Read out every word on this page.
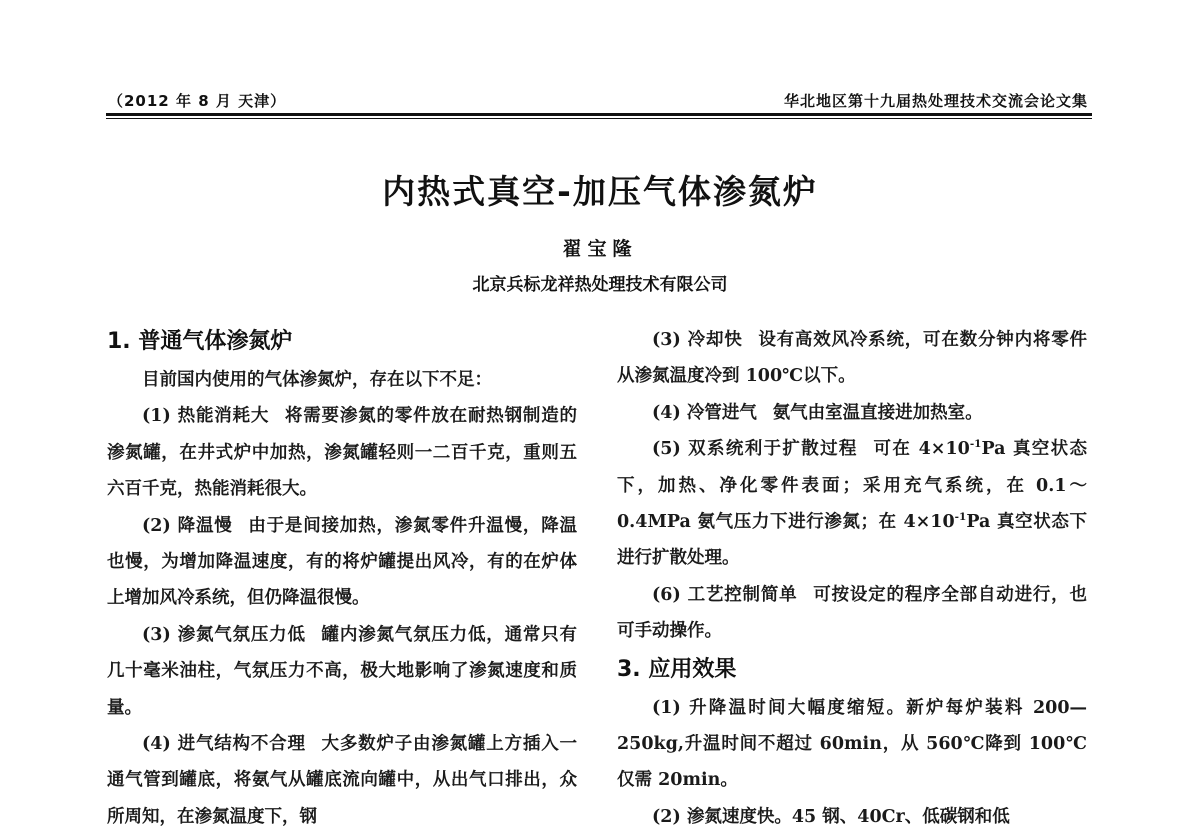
（2012 年 8 月 天津）	华北地区第十九届热处理技术交流会论文集
内热式真空-加压气体渗氮炉
翟宝隆
北京兵标龙祥热处理技术有限公司
1. 普通气体渗氮炉

目前国内使用的气体渗氮炉，存在以下不足：

(1) 热能消耗大 将需要渗氮的零件放在耐热钢制造的渗氮罐，在井式炉中加热，渗氮罐轻则一二百千克，重则五六百千克，热能消耗很大。

(2) 降温慢 由于是间接加热，渗氮零件升温慢，降温也慢，为增加降温速度，有的将炉罐提出风冷，有的在炉体上增加风冷系统，但仍降温很慢。

(3) 渗氮气氛压力低 罐内渗氮气氛压力低，通常只有几十毫米油柱，气氛压力不高，极大地影响了渗氮速度和质量。

(4) 进气结构不合理 大多数炉子由渗氮罐上方插入一通气管到罐底，将氨气从罐底流向罐中，从出气口排出，众所周知，在渗氮温度下，钢

(3) 冷却快 设有高效风冷系统，可在数分钟内将零件从渗氮温度冷到 100℃以下。

(4) 冷管进气 氨气由室温直接进加热室。

(5) 双系统利于扩散过程 可在 $4\times 10^{-1}Pa$ 真空状态下，加热、净化零件表面；采用充气系统，在 0.1～0.4MPa 氨气压力下进行渗氮；在 $4\times 10^{-1}Pa$ 真空状态下进行扩散处理。

(6) 工艺控制简单 可按设定的程序全部自动进行，也可手动操作。

3. 应用效果

(1) 升降温时间大幅度缩短。新炉每炉装料 200—250kg,升温时间不超过 60min，从 560℃降到 100℃仅需 20min。

(2) 渗氮速度快。45 钢、40Cr、低碳钢和低
